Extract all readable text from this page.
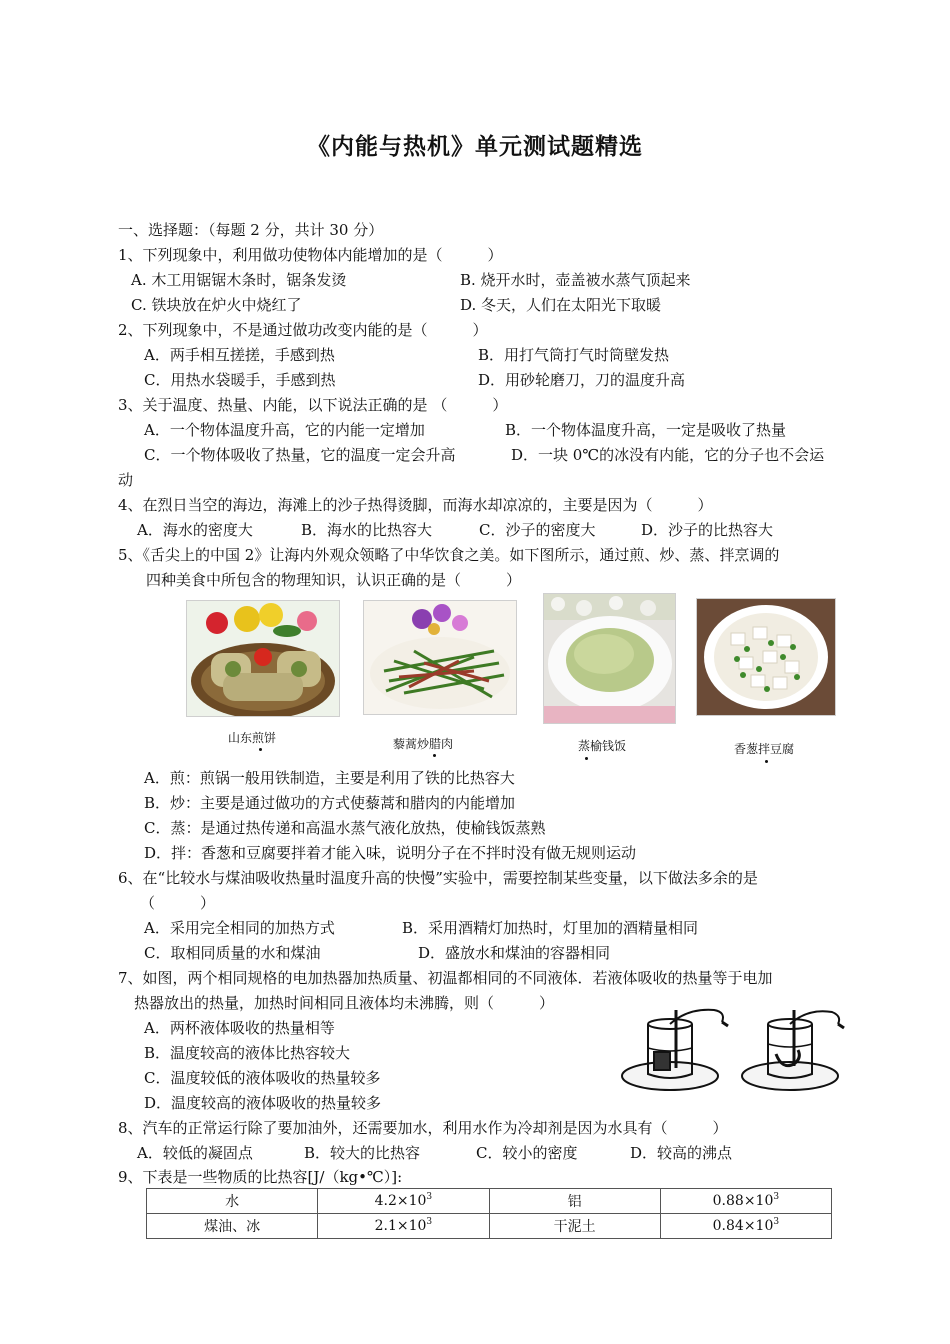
《内能与热机》单元测试题精选
一、选择题：（每题 2 分，共计 30 分）
1、下列现象中，利用做功使物体内能增加的是（　　　）
A. 木工用锯锯木条时，锯条发烫	B. 烧开水时，壶盖被水蒸气顶起来
C. 铁块放在炉火中烧红了	D. 冬天，人们在太阳光下取暖
2、下列现象中，不是通过做功改变内能的是（　　　）
A．两手相互搓搓，手感到热	B．用打气筒打气时筒壁发热
C．用热水袋暖手，手感到热	D．用砂轮磨刀，刀的温度升高
3、关于温度、热量、内能，以下说法正确的是 （　　　）
A．一个物体温度升高，它的内能一定增加	B．一个物体温度升高，一定是吸收了热量
C．一个物体吸收了热量，它的温度一定会升高	D．一块 0℃的冰没有内能，它的分子也不会运
动
4、在烈日当空的海边，海滩上的沙子热得烫脚，而海水却凉凉的，主要是因为（　　　）
A．海水的密度大	B．海水的比热容大	C．沙子的密度大	D．沙子的比热容大
5、《舌尖上的中国 2》让海内外观众领略了中华饮食之美。如下图所示，通过煎、炒、蒸、拌烹调的
四种美食中所包含的物理知识，认识正确的是（　　　）
山东煎饼	藜蒿炒腊肉	蒸榆钱饭	香葱拌豆腐
A．煎：煎锅一般用铁制造，主要是利用了铁的比热容大
B．炒：主要是通过做功的方式使藜蒿和腊肉的内能增加
C．蒸：是通过热传递和高温水蒸气液化放热，使榆钱饭蒸熟
D．拌：香葱和豆腐要拌着才能入味，说明分子在不拌时没有做无规则运动
6、在“比较水与煤油吸收热量时温度升高的快慢”实验中，需要控制某些变量，以下做法多余的是
（　　　）
A．采用完全相同的加热方式	B．采用酒精灯加热时，灯里加的酒精量相同
C．取相同质量的水和煤油	D．盛放水和煤油的容器相同
7、如图，两个相同规格的电加热器加热质量、初温都相同的不同液体．若液体吸收的热量等于电加
热器放出的热量，加热时间相同且液体均未沸腾，则（　　　）
A．两杯液体吸收的热量相等
B．温度较高的液体比热容较大
C．温度较低的液体吸收的热量较多
D．温度较高的液体吸收的热量较多
8、汽车的正常运行除了要加油外，还需要加水，利用水作为冷却剂是因为水具有（　　　）
A．较低的凝固点	B．较大的比热容	C．较小的密度	D．较高的沸点
9、下表是一些物质的比热容[J/（kg•℃）]:
水	$4.2\times 10^3$	铝	$0.88\times 10^3$
煤油、冰	$2.1\times 10^3$	干泥土	$0.84\times 10^3$
